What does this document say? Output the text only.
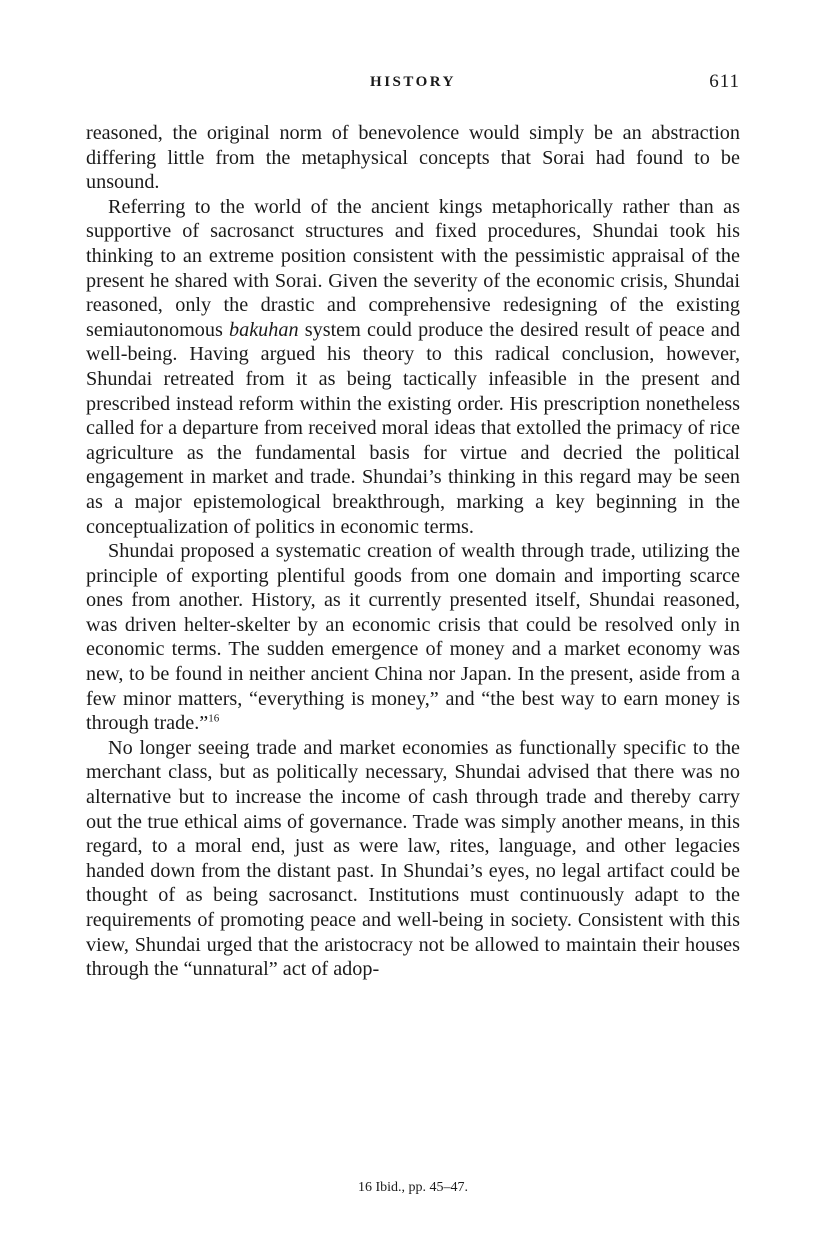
HISTORY	611

reasoned, the original norm of benevolence would simply be an abstraction differing little from the metaphysical concepts that Sorai had found to be unsound.

Referring to the world of the ancient kings metaphorically rather than as supportive of sacrosanct structures and fixed procedures, Shundai took his thinking to an extreme position consistent with the pessimistic appraisal of the present he shared with Sorai. Given the severity of the economic crisis, Shundai reasoned, only the drastic and comprehensive redesigning of the existing semiautonomous bakuhan system could produce the desired result of peace and well-being. Having argued his theory to this radical conclusion, however, Shundai retreated from it as being tactically infeasible in the present and prescribed instead reform within the existing order. His prescription nonetheless called for a departure from received moral ideas that extolled the primacy of rice agriculture as the fundamental basis for virtue and decried the political engagement in market and trade. Shundai’s thinking in this regard may be seen as a major epistemological breakthrough, marking a key beginning in the conceptualization of politics in economic terms.

Shundai proposed a systematic creation of wealth through trade, utilizing the principle of exporting plentiful goods from one domain and importing scarce ones from another. History, as it currently presented itself, Shundai reasoned, was driven helter-skelter by an economic crisis that could be resolved only in economic terms. The sudden emergence of money and a market economy was new, to be found in neither ancient China nor Japan. In the present, aside from a few minor matters, “everything is money,” and “the best way to earn money is through trade.”$^{16}$

No longer seeing trade and market economies as functionally specific to the merchant class, but as politically necessary, Shundai advised that there was no alternative but to increase the income of cash through trade and thereby carry out the true ethical aims of governance. Trade was simply another means, in this regard, to a moral end, just as were law, rites, language, and other legacies handed down from the distant past. In Shundai’s eyes, no legal artifact could be thought of as being sacrosanct. Institutions must continuously adapt to the requirements of promoting peace and well-being in society. Consistent with this view, Shundai urged that the aristocracy not be allowed to maintain their houses through the “unnatural” act of adop-

16 Ibid., pp. 45–47.
